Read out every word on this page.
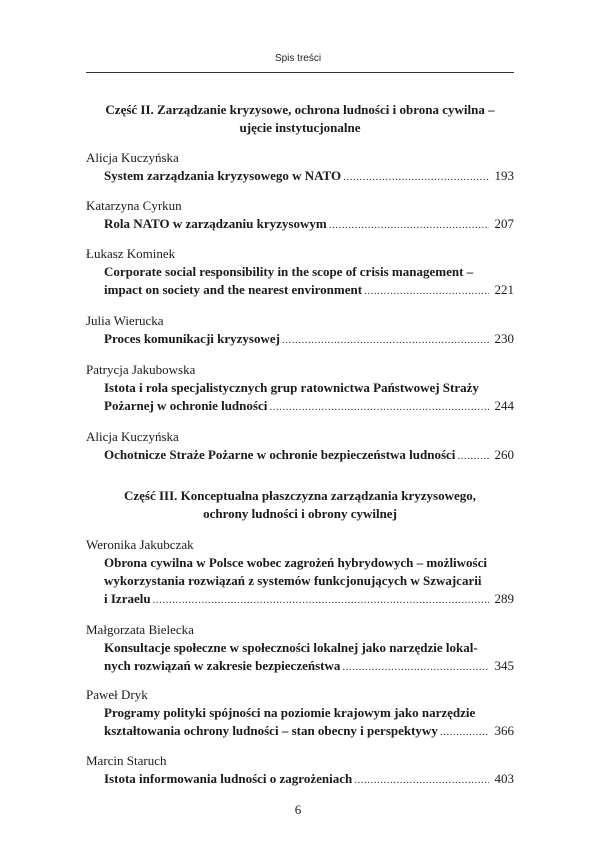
Spis treści
Część II. Zarządzanie kryzysowe, ochrona ludności i obrona cywilna –
ujęcie instytucjonalne
Alicja Kuczyńska
System zarządzania kryzysowego w NATO .....	193
Katarzyna Cyrkun
Rola NATO w zarządzaniu kryzysowym .....	207
Łukasz Kominek
Corporate social responsibility in the scope of crisis management –
impact on society and the nearest environment .....	221
Julia Wierucka
Proces komunikacji kryzysowej .....	230
Patrycja Jakubowska
Istota i rola specjalistycznych grup ratownictwa Państwowej Straży
Pożarnej w ochronie ludności .....	244
Alicja Kuczyńska
Ochotnicze Straże Pożarne w ochronie bezpieczeństwa ludności .....	260
Część III. Konceptualna płaszczyzna zarządzania kryzysowego,
ochrony ludności i obrony cywilnej
Weronika Jakubczak
Obrona cywilna w Polsce wobec zagrożeń hybrydowych – możliwości
wykorzystania rozwiązań z systemów funkcjonujących w Szwajcarii
i Izraelu .....	289
Małgorzata Bielecka
Konsultacje społeczne w społeczności lokalnej jako narzędzie lokal-
nych rozwiązań w zakresie bezpieczeństwa .....	345
Paweł Dryk
Programy polityki spójności na poziomie krajowym jako narzędzie
kształtowania ochrony ludności – stan obecny i perspektywy .....	366
Marcin Staruch
Istota informowania ludności o zagrożeniach .....	403
6
